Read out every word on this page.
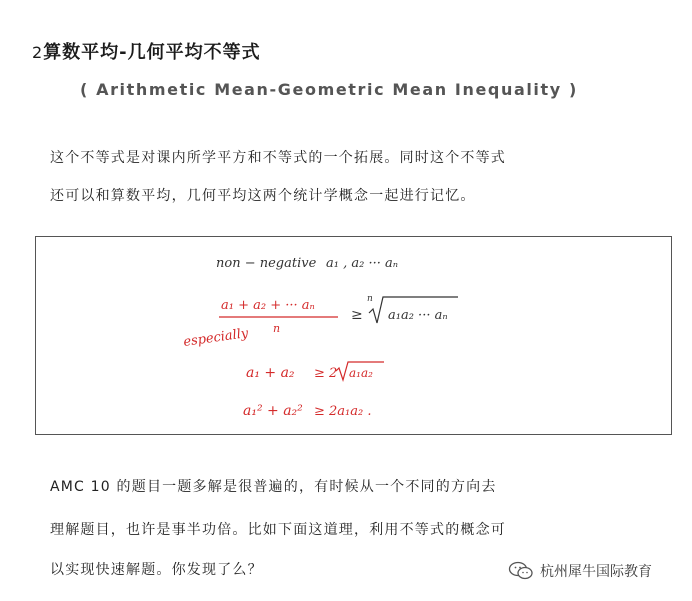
2算数平均-几何平均不等式
( Arithmetic Mean-Geometric Mean Inequality )
这个不等式是对课内所学平方和不等式的一个拓展。同时这个不等式
还可以和算数平均，几何平均这两个统计学概念一起进行记忆。
non − negative a₁ , a₂ ··· aₙ
a₁ + a₂ + ··· aₙ
n
≥
n
a₁a₂ ··· aₙ
especially
a₁ + a₂ ≥ 2 a₁a₂
a₁² + a₂² ≥ 2a₁a₂ .
AMC 10 的题目一题多解是很普遍的，有时候从一个不同的方向去
理解题目，也许是事半功倍。比如下面这道理，利用不等式的概念可
以实现快速解题。你发现了么？	杭州犀牛国际教育
